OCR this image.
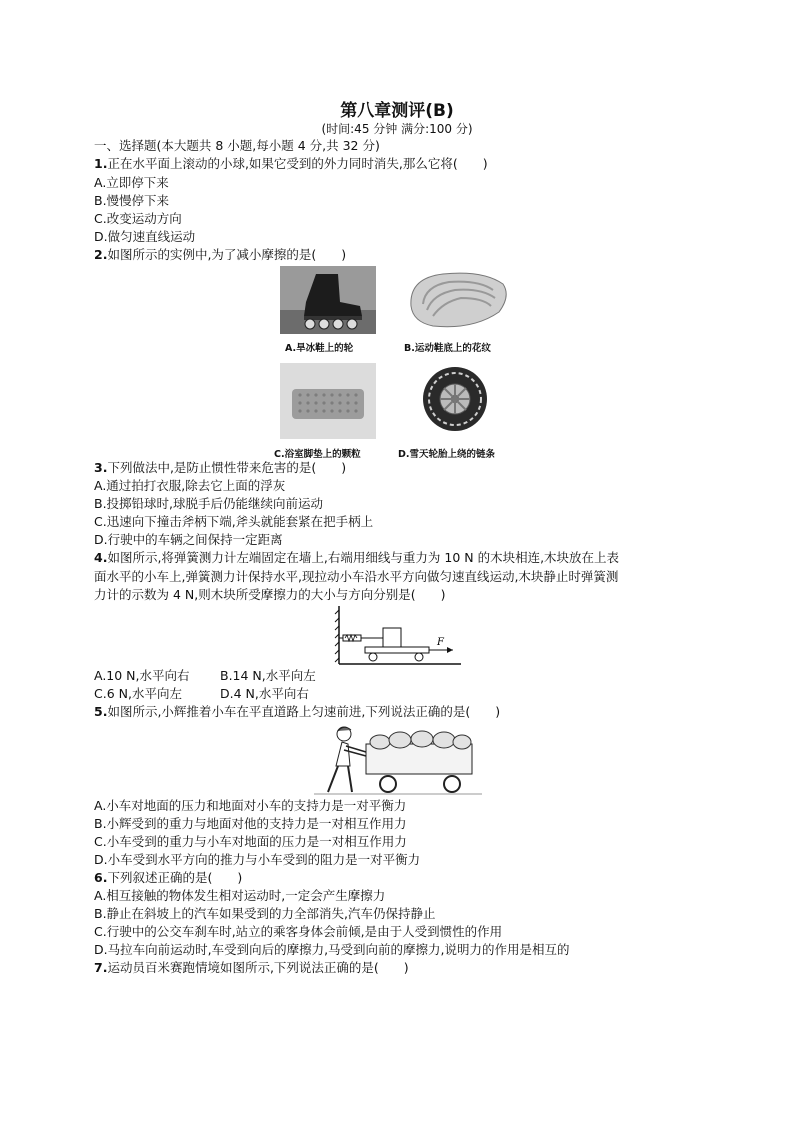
第八章测评(B)
(时间:45 分钟 满分:100 分)
一、选择题(本大题共 8 小题,每小题 4 分,共 32 分)
1.正在水平面上滚动的小球,如果它受到的外力同时消失,那么它将(　　)
A.立即停下来
B.慢慢停下来
C.改变运动方向
D.做匀速直线运动
2.如图所示的实例中,为了减小摩擦的是(　　)
A.旱冰鞋上的轮	B.运动鞋底上的花纹
C.浴室脚垫上的颗粒	D.雪天轮胎上绕的链条
3.下列做法中,是防止惯性带来危害的是(　　)
A.通过拍打衣服,除去它上面的浮灰
B.投掷铅球时,球脱手后仍能继续向前运动
C.迅速向下撞击斧柄下端,斧头就能套紧在把手柄上
D.行驶中的车辆之间保持一定距离
4.如图所示,将弹簧测力计左端固定在墙上,右端用细线与重力为 10 N 的木块相连,木块放在上表
面水平的小车上,弹簧测力计保持水平,现拉动小车沿水平方向做匀速直线运动,木块静止时弹簧测
力计的示数为 4 N,则木块所受摩擦力的大小与方向分别是(　　)
F
A.10 N,水平向右 B.14 N,水平向左
C.6 N,水平向左	D.4 N,水平向右
5.如图所示,小辉推着小车在平直道路上匀速前进,下列说法正确的是(　　)
A.小车对地面的压力和地面对小车的支持力是一对平衡力
B.小辉受到的重力与地面对他的支持力是一对相互作用力
C.小车受到的重力与小车对地面的压力是一对相互作用力
D.小车受到水平方向的推力与小车受到的阻力是一对平衡力
6.下列叙述正确的是(　　)
A.相互接触的物体发生相对运动时,一定会产生摩擦力
B.静止在斜坡上的汽车如果受到的力全部消失,汽车仍保持静止
C.行驶中的公交车刹车时,站立的乘客身体会前倾,是由于人受到惯性的作用
D.马拉车向前运动时,车受到向后的摩擦力,马受到向前的摩擦力,说明力的作用是相互的
7.运动员百米赛跑情境如图所示,下列说法正确的是(　　)
